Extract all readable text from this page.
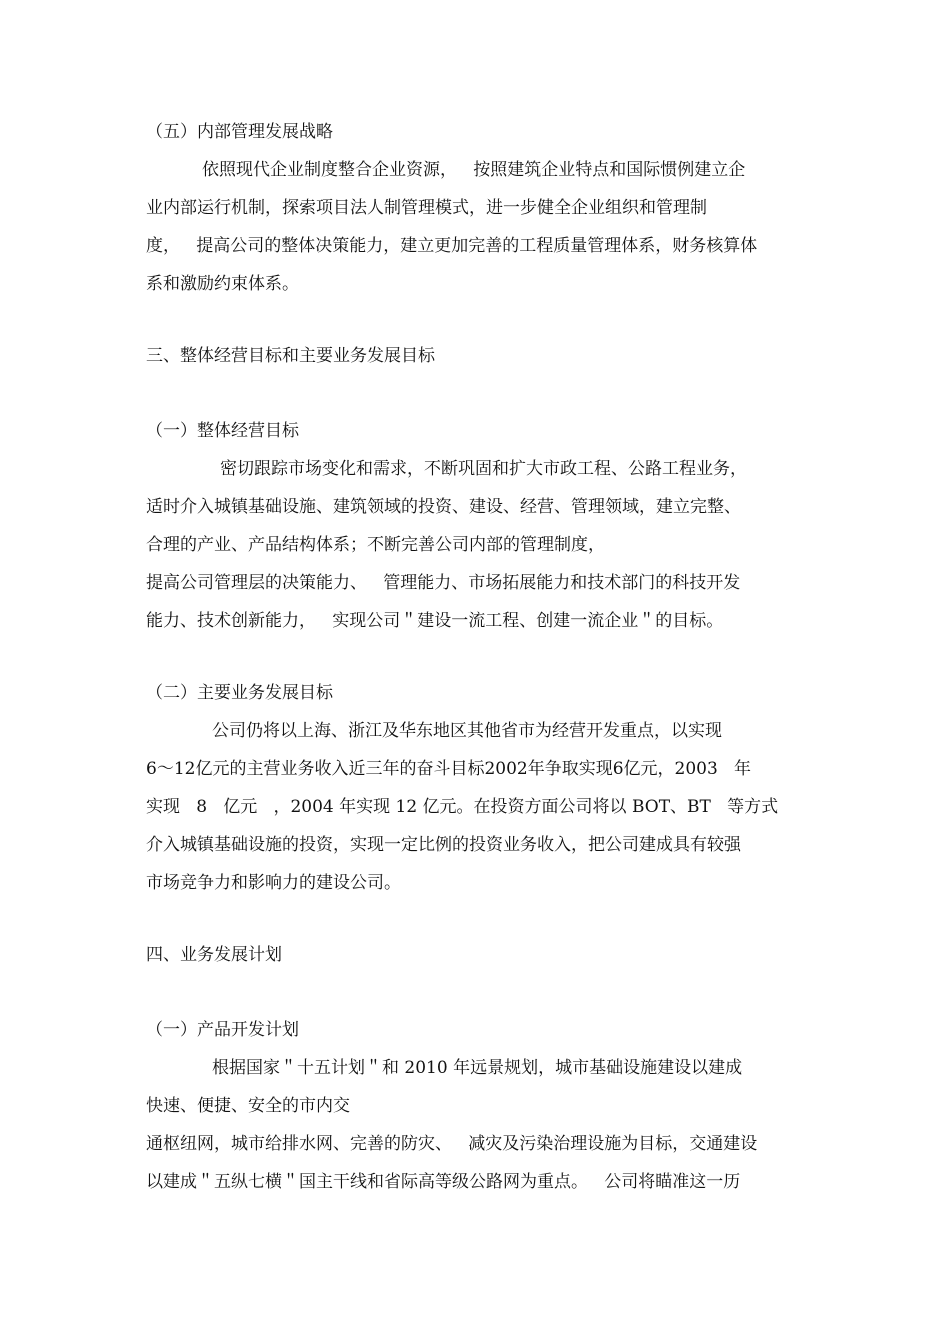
（五）内部管理发展战略
依照现代企业制度整合企业资源，   按照建筑企业特点和国际惯例建立企
业内部运行机制，探索项目法人制管理模式，进一步健全企业组织和管理制
度，   提高公司的整体决策能力，建立更加完善的工程质量管理体系，财务核算体
系和激励约束体系。
三、整体经营目标和主要业务发展目标
（一）整体经营目标
密切跟踪市场变化和需求，不断巩固和扩大市政工程、公路工程业务，
适时介入城镇基础设施、建筑领域的投资、建设、经营、管理领域，建立完整、
合理的产业、产品结构体系；不断完善公司内部的管理制度，
提高公司管理层的决策能力、   管理能力、市场拓展能力和技术部门的科技开发
能力、技术创新能力，   实现公司＂建设一流工程、创建一流企业＂的目标。
（二）主要业务发展目标
公司仍将以上海、浙江及华东地区其他省市为经营开发重点，以实现
6～12亿元的主营业务收入近三年的奋斗目标2002年争取实现6亿元，2003   年
实现   8   亿元   ，2004 年实现 12 亿元。在投资方面公司将以 BOT、BT   等方式
介入城镇基础设施的投资，实现一定比例的投资业务收入，把公司建成具有较强
市场竞争力和影响力的建设公司。
四、业务发展计划
（一）产品开发计划
根据国家＂十五计划＂和 2010 年远景规划，城市基础设施建设以建成
快速、便捷、安全的市内交
通枢纽网，城市给排水网、完善的防灾、   减灾及污染治理设施为目标，交通建设
以建成＂五纵七横＂国主干线和省际高等级公路网为重点。   公司将瞄准这一历
